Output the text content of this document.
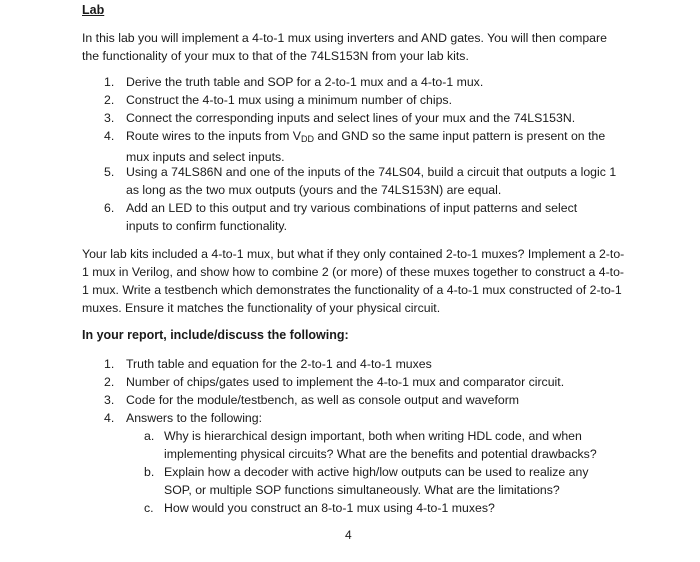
Lab

In this lab you will implement a 4-to-1 mux using inverters and AND gates. You will then compare the functionality of your mux to that of the 74LS153N from your lab kits.

1. Derive the truth table and SOP for a 2-to-1 mux and a 4-to-1 mux.
2. Construct the 4-to-1 mux using a minimum number of chips.
3. Connect the corresponding inputs and select lines of your mux and the 74LS153N.
4. Route wires to the inputs from $V_{DD}$ and GND so the same input pattern is present on the mux inputs and select inputs.
5. Using a 74LS86N and one of the inputs of the 74LS04, build a circuit that outputs a logic 1 as long as the two mux outputs (yours and the 74LS153N) are equal.
6. Add an LED to this output and try various combinations of input patterns and select inputs to confirm functionality.

Your lab kits included a 4-to-1 mux, but what if they only contained 2-to-1 muxes? Implement a 2-to-1 mux in Verilog, and show how to combine 2 (or more) of these muxes together to construct a 4-to-1 mux. Write a testbench which demonstrates the functionality of a 4-to-1 mux constructed of 2-to-1 muxes. Ensure it matches the functionality of your physical circuit.

In your report, include/discuss the following:
1. Truth table and equation for the 2-to-1 and 4-to-1 muxes
2. Number of chips/gates used to implement the 4-to-1 mux and comparator circuit.
3. Code for the module/testbench, as well as console output and waveform
4. Answers to the following:
a. Why is hierarchical design important, both when writing HDL code, and when implementing physical circuits? What are the benefits and potential drawbacks?
b. Explain how a decoder with active high/low outputs can be used to realize any SOP, or multiple SOP functions simultaneously. What are the limitations?
c. How would you construct an 8-to-1 mux using 4-to-1 muxes?
4
